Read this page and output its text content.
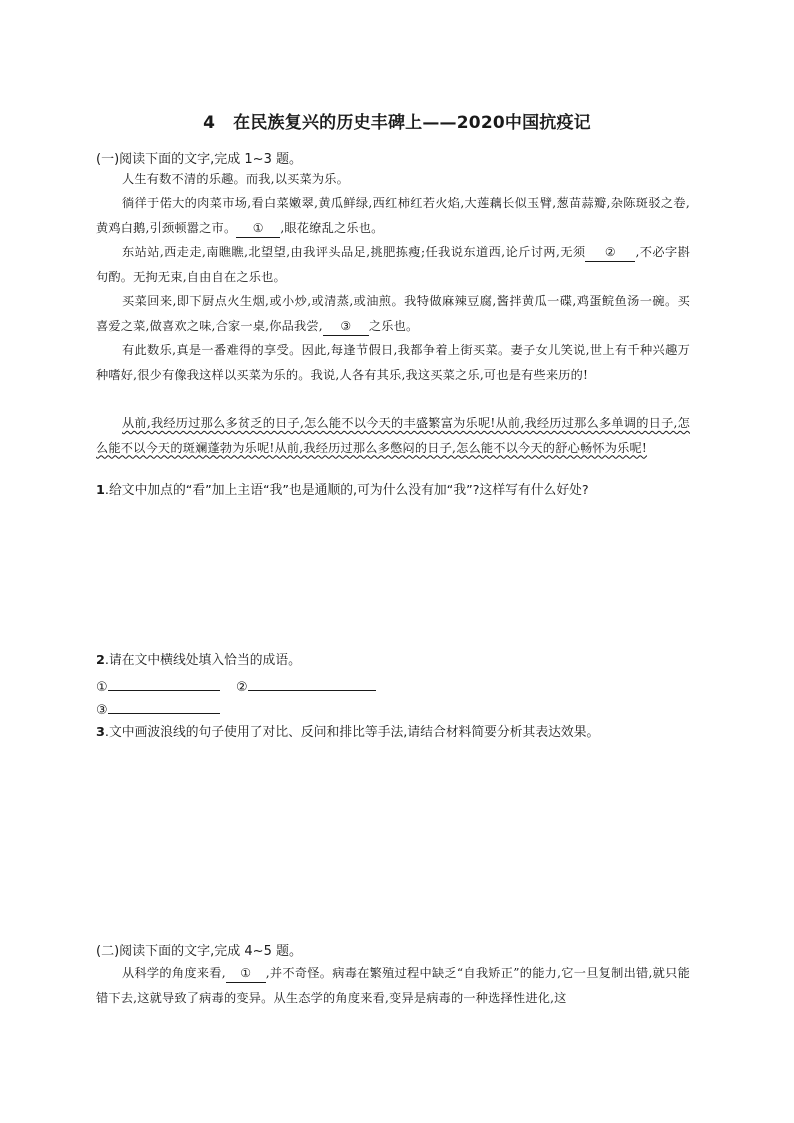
4 在民族复兴的历史丰碑上——2020中国抗疫记
(一)阅读下面的文字,完成 1~3 题。
人生有数不清的乐趣。而我,以买菜为乐。
徜徉于偌大的肉菜市场,看白菜嫩翠,黄瓜鲜绿,西红柿红若火焰,大莲藕长似玉臂,葱苗蒜瓣,杂陈斑驳之卷,黄鸡白鹅,引颈顿嚣之市。 ① ,眼花缭乱之乐也。
东站站,西走走,南瞧瞧,北望望,由我评头品足,挑肥拣瘦;任我说东道西,论斤讨两,无须 ② ,不必字斟句酌。无拘无束,自由自在之乐也。
买菜回来,即下厨点火生烟,或小炒,或清蒸,或油煎。我特做麻辣豆腐,酱拌黄瓜一碟,鸡蛋鲩鱼汤一碗。买喜爱之菜,做喜欢之味,合家一桌,你品我尝, ③ 之乐也。
有此数乐,真是一番难得的享受。因此,每逢节假日,我都争着上街买菜。妻子女儿笑说,世上有千种兴趣万种嗜好,很少有像我这样以买菜为乐的。我说,人各有其乐,我这买菜之乐,可也是有些来历的!
从前,我经历过那么多贫乏的日子,怎么能不以今天的丰盛繁富为乐呢!从前,我经历过那么多单调的日子,怎么能不以今天的斑斓蓬勃为乐呢!从前,我经历过那么多憋闷的日子,怎么能不以今天的舒心畅怀为乐呢!
1.给文中加点的“看”加上主语“我”也是通顺的,可为什么没有加“我”?这样写有什么好处?
2.请在文中横线处填入恰当的成语。
①	②
③
3.文中画波浪线的句子使用了对比、反问和排比等手法,请结合材料简要分析其表达效果。
(二)阅读下面的文字,完成 4~5 题。
从科学的角度来看, ① ,并不奇怪。病毒在繁殖过程中缺乏“自我矫正”的能力,它一旦复制出错,就只能错下去,这就导致了病毒的变异。从生态学的角度来看,变异是病毒的一种选择性进化,这
